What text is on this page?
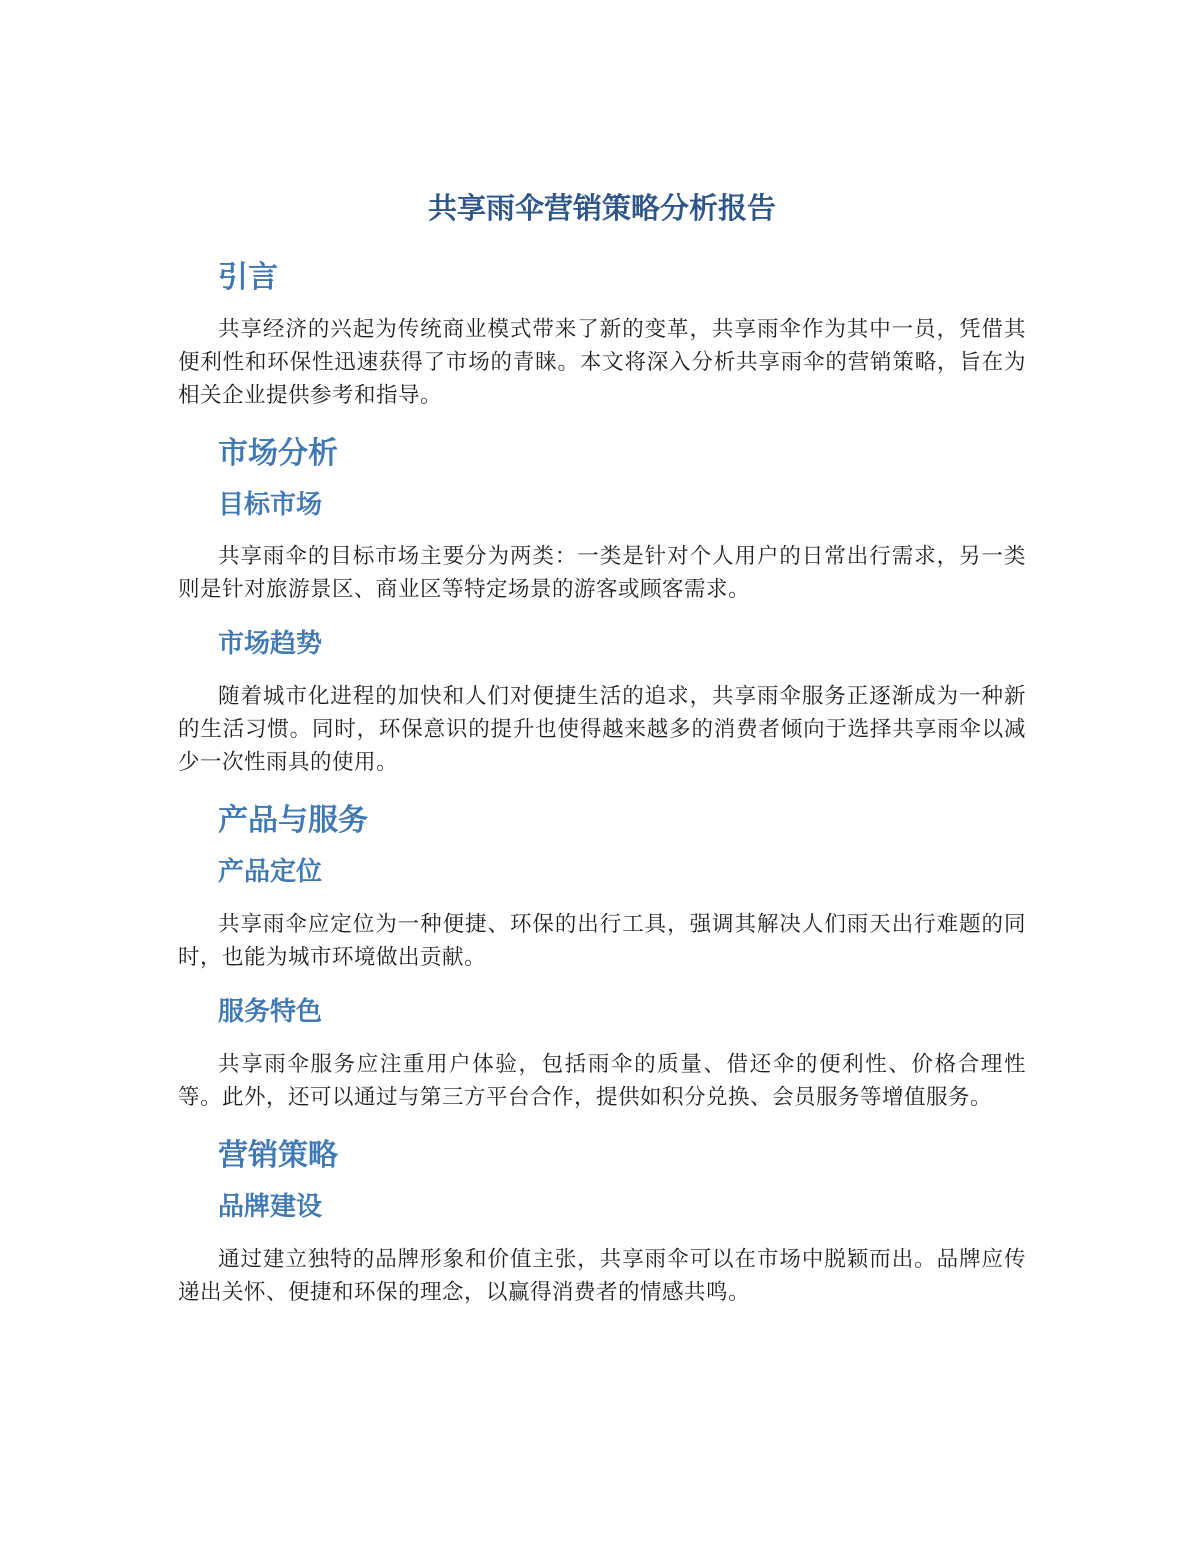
共享雨伞营销策略分析报告
引言

共享经济的兴起为传统商业模式带来了新的变革，共享雨伞作为其中一员，凭借其便利性和环保性迅速获得了市场的青睐。本文将深入分析共享雨伞的营销策略，旨在为相关企业提供参考和指导。

市场分析
目标市场

共享雨伞的目标市场主要分为两类：一类是针对个人用户的日常出行需求，另一类则是针对旅游景区、商业区等特定场景的游客或顾客需求。

市场趋势

随着城市化进程的加快和人们对便捷生活的追求，共享雨伞服务正逐渐成为一种新的生活习惯。同时，环保意识的提升也使得越来越多的消费者倾向于选择共享雨伞以减少一次性雨具的使用。

产品与服务
产品定位

共享雨伞应定位为一种便捷、环保的出行工具，强调其解决人们雨天出行难题的同时，也能为城市环境做出贡献。

服务特色

共享雨伞服务应注重用户体验，包括雨伞的质量、借还伞的便利性、价格合理性等。此外，还可以通过与第三方平台合作，提供如积分兑换、会员服务等增值服务。

营销策略
品牌建设

通过建立独特的品牌形象和价值主张，共享雨伞可以在市场中脱颖而出。品牌应传递出关怀、便捷和环保的理念，以赢得消费者的情感共鸣。
